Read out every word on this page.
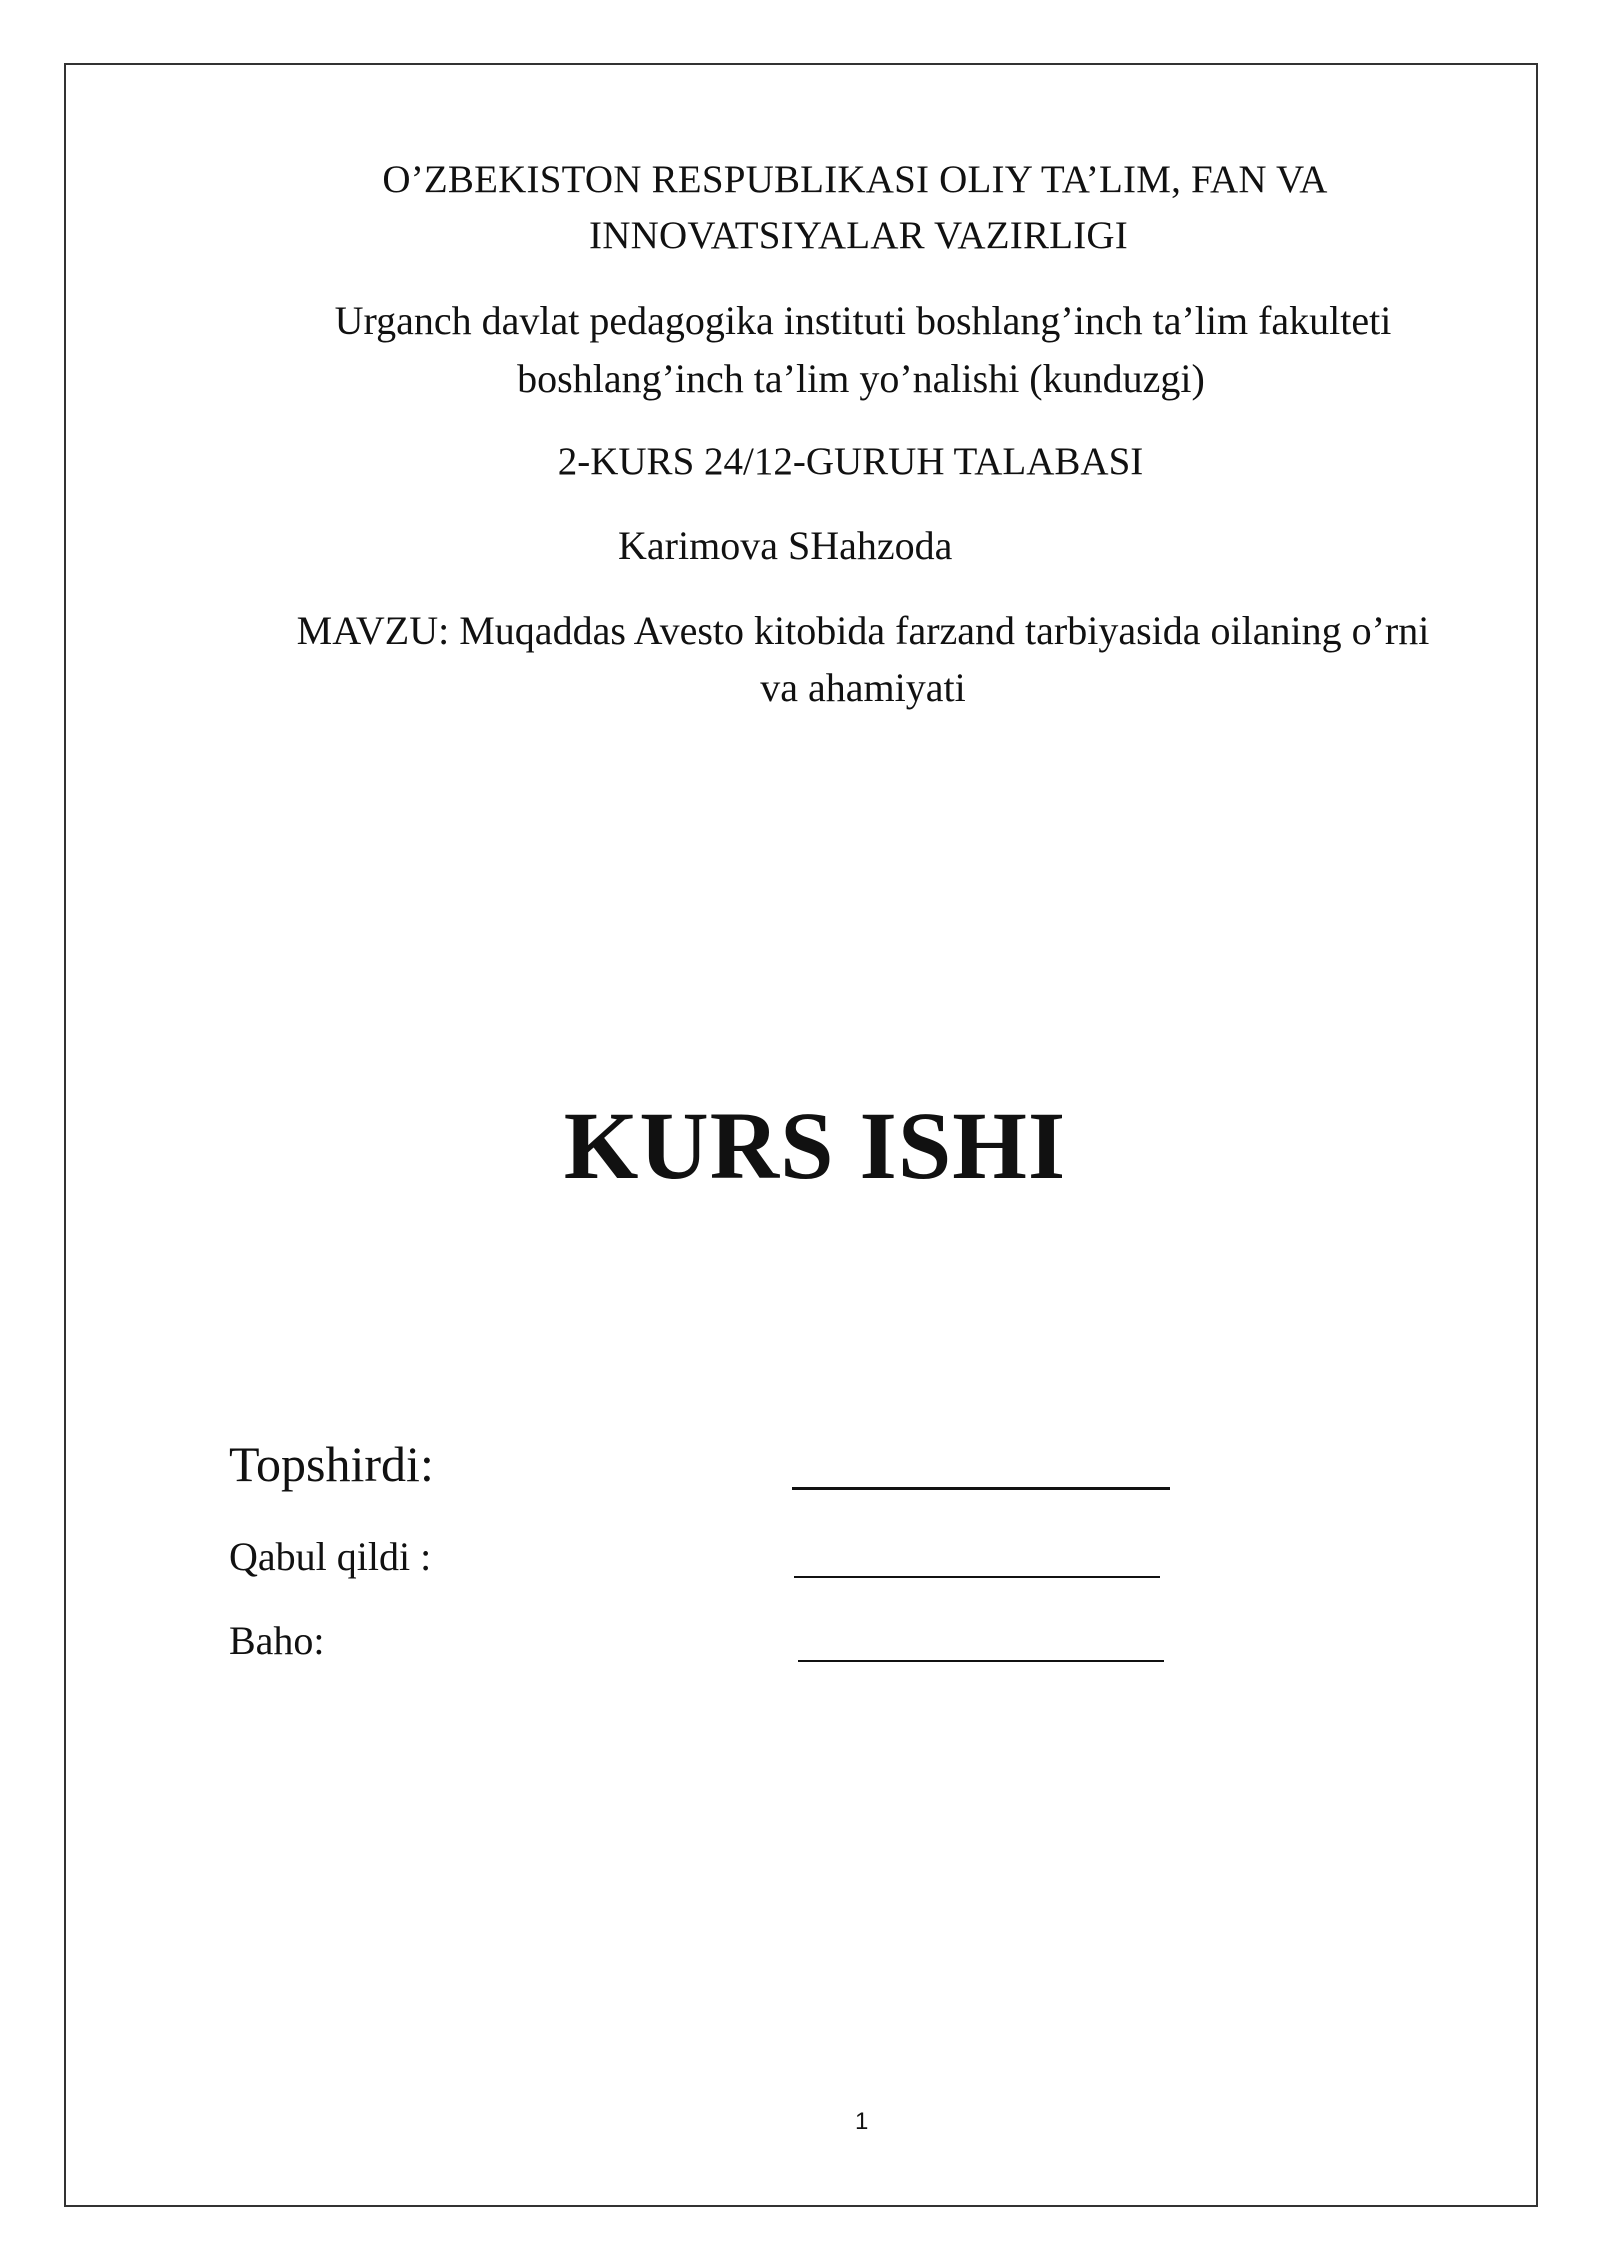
O’ZBEKISTON RESPUBLIKASI OLIY TA’LIM, FAN VA
INNOVATSIYALAR VAZIRLIGI
Urganch davlat pedagogika instituti boshlang’inch ta’lim fakulteti
boshlang’inch ta’lim yo’nalishi (kunduzgi)
2-KURS 24/12-GURUH TALABASI
Karimova SHahzoda
MAVZU: Muqaddas Avesto kitobida farzand tarbiyasida oilaning o’rni
va ahamiyati
KURS ISHI
Topshirdi:
Qabul qildi :
Baho:
1
